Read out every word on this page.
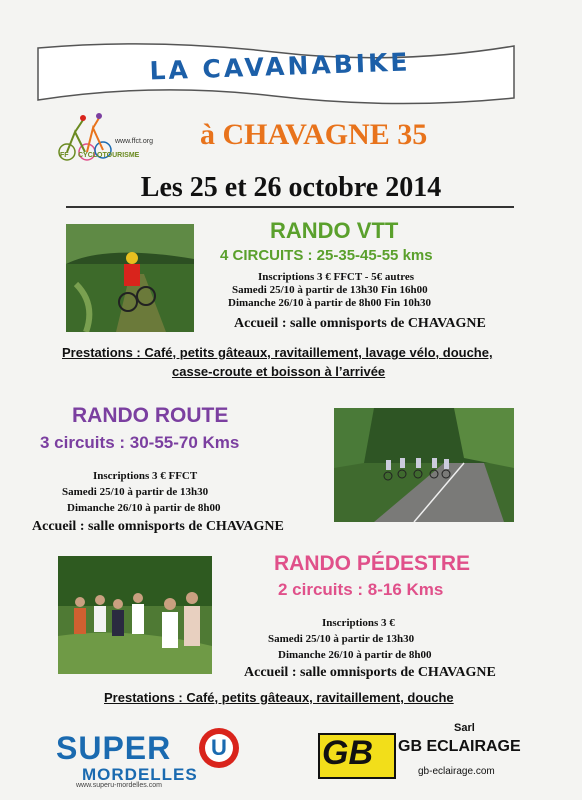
LA CAVANABIKE
www.ffct.org
FF CYCLOTOURISME
à CHAVAGNE 35
Les 25 et 26 octobre 2014
RANDO VTT
4 CIRCUITS : 25-35-45-55 kms
Inscriptions 3 € FFCT - 5€ autres
Samedi 25/10 à partir de 13h30 Fin 16h00
Dimanche 26/10 à partir de 8h00 Fin 10h30
Accueil : salle omnisports de CHAVAGNE
Prestations : Café, petits gâteaux, ravitaillement, lavage vélo, douche,
casse-croute et boisson à l’arrivée
RANDO ROUTE
3 circuits : 30-55-70 Kms
Inscriptions 3 € FFCT
Samedi 25/10 à partir de 13h30
Dimanche 26/10 à partir de 8h00
Accueil : salle omnisports de CHAVAGNE
RANDO PÉDESTRE
2 circuits : 8-16 Kms
Inscriptions 3 €
Samedi 25/10 à partir de 13h30
Dimanche 26/10 à partir de 8h00
Accueil : salle omnisports de CHAVAGNE
Prestations : Café, petits gâteaux, ravitaillement, douche
SUPER U
MORDELLES
www.superu-mordelles.com
GB
Sarl
GB ECLAIRAGE
gb-eclairage.com
